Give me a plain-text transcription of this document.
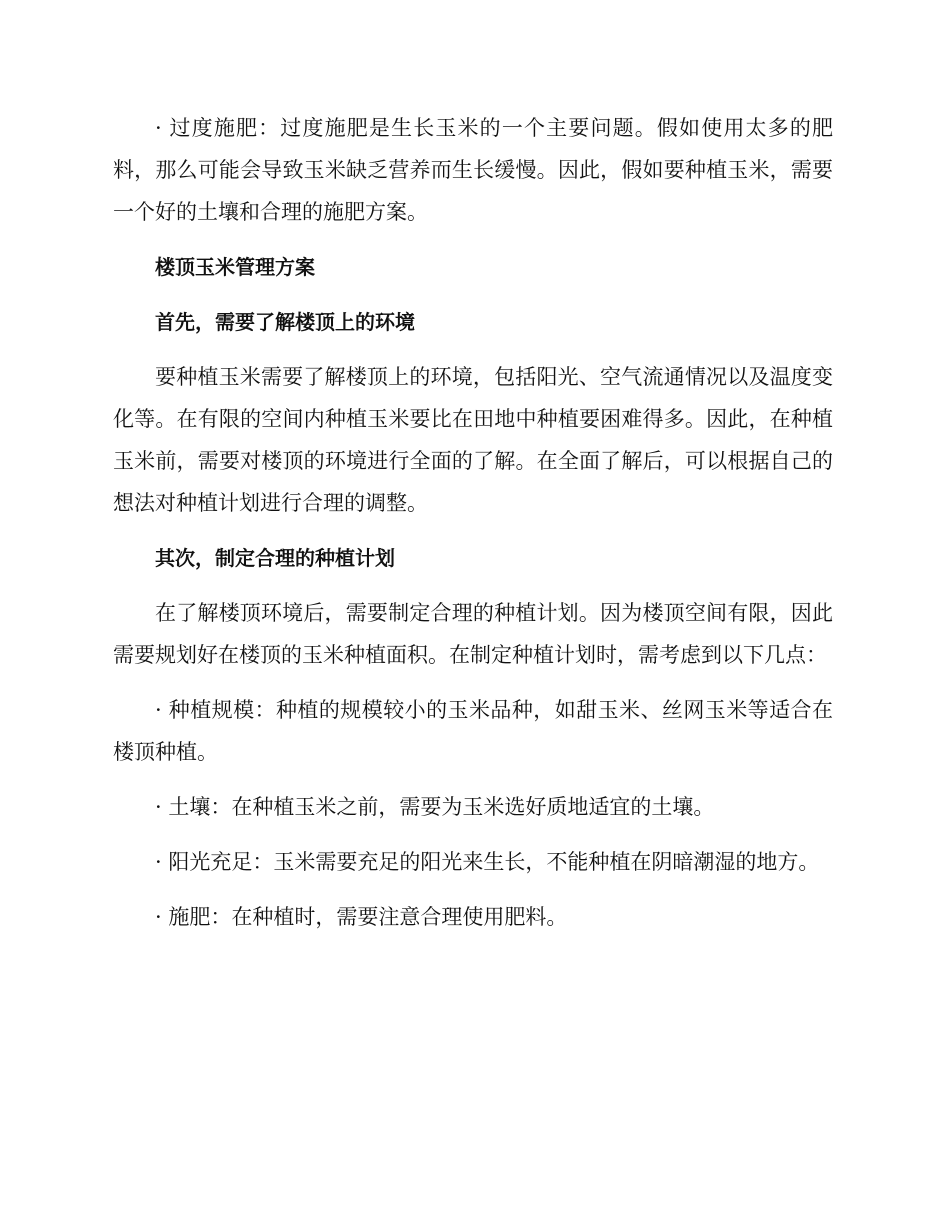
· 过度施肥：过度施肥是生长玉米的一个主要问题。假如使用太多的肥料，那么可能会导致玉米缺乏营养而生长缓慢。因此，假如要种植玉米，需要一个好的土壤和合理的施肥方案。

楼顶玉米管理方案

首先，需要了解楼顶上的环境

要种植玉米需要了解楼顶上的环境，包括阳光、空气流通情况以及温度变化等。在有限的空间内种植玉米要比在田地中种植要困难得多。因此，在种植玉米前，需要对楼顶的环境进行全面的了解。在全面了解后，可以根据自己的想法对种植计划进行合理的调整。

其次，制定合理的种植计划

在了解楼顶环境后，需要制定合理的种植计划。因为楼顶空间有限，因此需要规划好在楼顶的玉米种植面积。在制定种植计划时，需考虑到以下几点：

· 种植规模：种植的规模较小的玉米品种，如甜玉米、丝网玉米等适合在楼顶种植。

· 土壤：在种植玉米之前，需要为玉米选好质地适宜的土壤。

· 阳光充足：玉米需要充足的阳光来生长，不能种植在阴暗潮湿的地方。

· 施肥：在种植时，需要注意合理使用肥料。
